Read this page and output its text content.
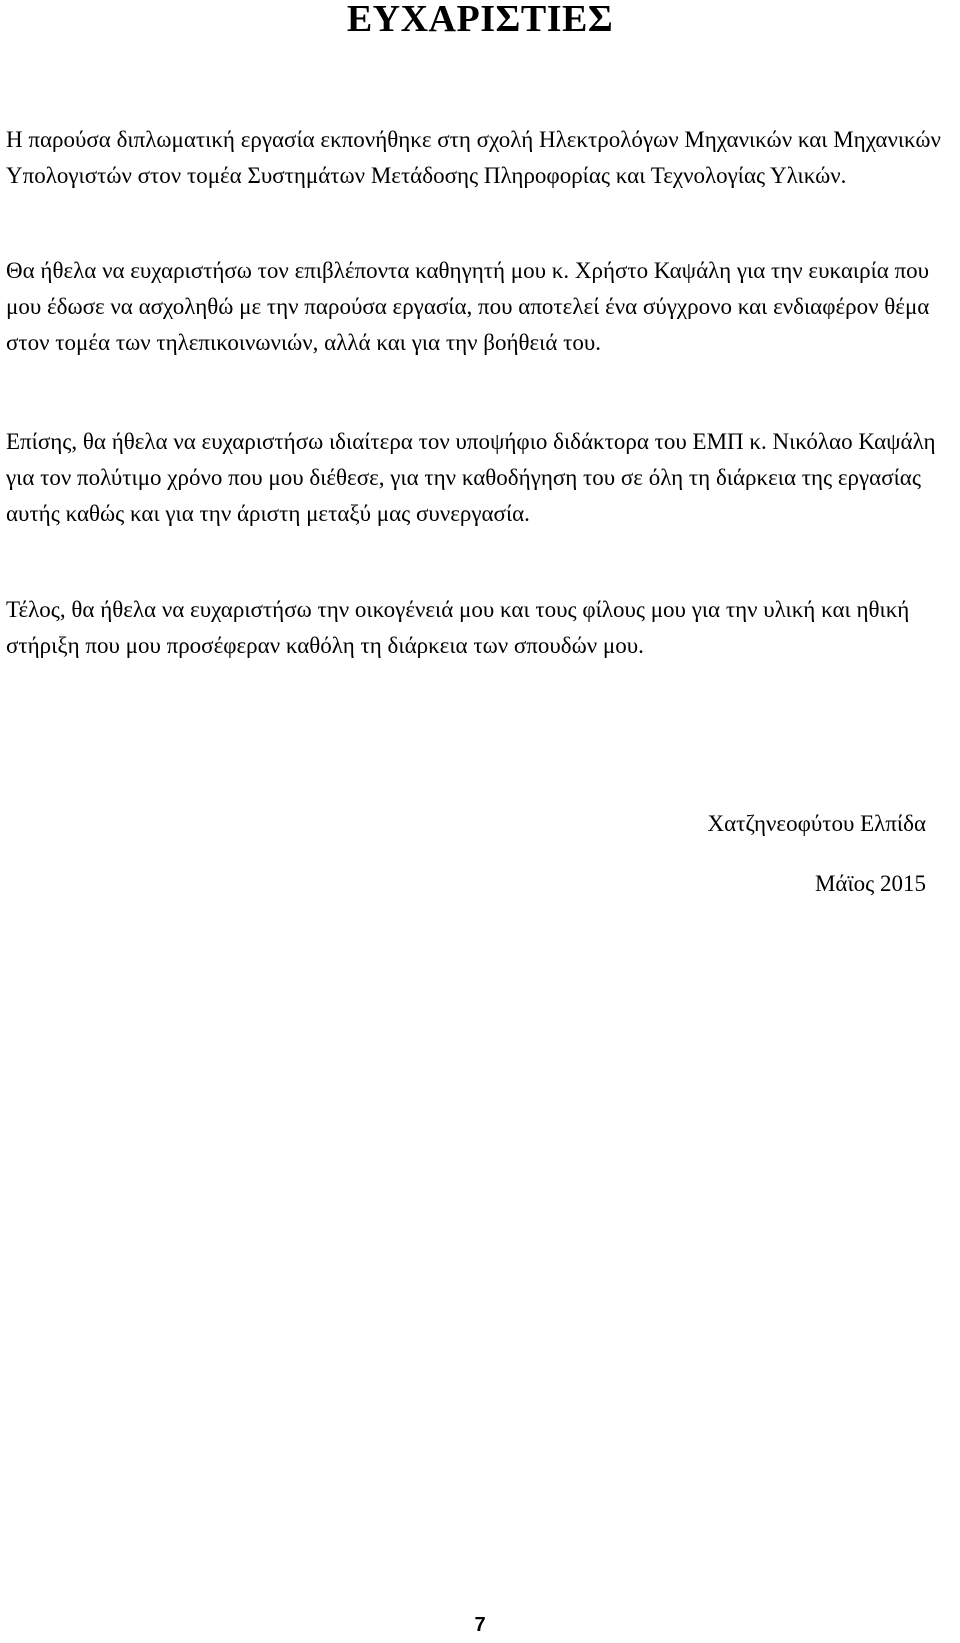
ΕΥΧΑΡΙΣΤΙΕΣ

Η παρούσα διπλωματική εργασία εκπονήθηκε στη σχολή Ηλεκτρολόγων Μηχανικών και Μηχανικών Υπολογιστών στον τομέα Συστημάτων Μετάδοσης Πληροφορίας και Τεχνολογίας Υλικών.

Θα ήθελα να ευχαριστήσω τον επιβλέποντα καθηγητή μου κ. Χρήστο Καψάλη για την ευκαιρία που μου έδωσε να ασχοληθώ με την παρούσα εργασία, που αποτελεί ένα σύγχρονο και ενδιαφέρον θέμα στον τομέα των τηλεπικοινωνιών, αλλά και για την βοήθειά του.

Επίσης, θα ήθελα να ευχαριστήσω ιδιαίτερα τον υποψήφιο διδάκτορα του ΕΜΠ κ. Νικόλαο Καψάλη για τον πολύτιμο χρόνο που μου διέθεσε, για την καθοδήγηση του σε όλη τη διάρκεια της εργασίας αυτής καθώς και για την άριστη μεταξύ μας συνεργασία.

Τέλος, θα ήθελα να ευχαριστήσω την οικογένειά μου και τους φίλους μου για την υλική και ηθική στήριξη που μου προσέφεραν καθόλη τη διάρκεια των σπουδών μου.

Χατζηνεοφύτου Ελπίδα

Μάϊος 2015

7
